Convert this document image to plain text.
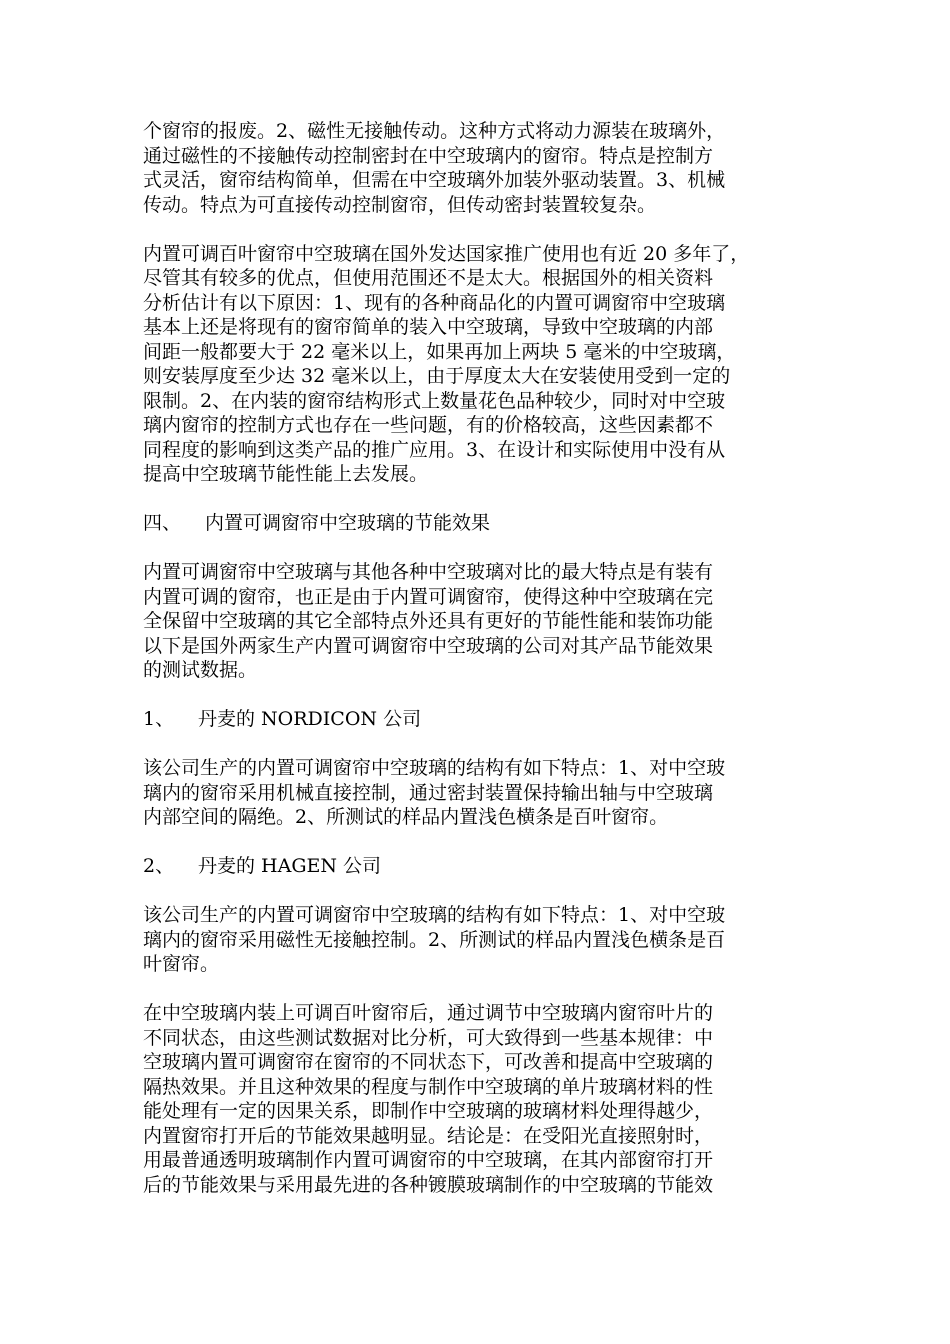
个窗帘的报废。2、磁性无接触传动。这种方式将动力源装在玻璃外，
通过磁性的不接触传动控制密封在中空玻璃内的窗帘。特点是控制方
式灵活，窗帘结构简单，但需在中空玻璃外加装外驱动装置。3、机械
传动。特点为可直接传动控制窗帘，但传动密封装置较复杂。
内置可调百叶窗帘中空玻璃在国外发达国家推广使用也有近 20 多年了，
尽管其有较多的优点，但使用范围还不是太大。根据国外的相关资料
分析估计有以下原因：1、现有的各种商品化的内置可调窗帘中空玻璃
基本上还是将现有的窗帘简单的装入中空玻璃，导致中空玻璃的内部
间距一般都要大于 22 毫米以上，如果再加上两块 5 毫米的中空玻璃，
则安装厚度至少达 32 毫米以上，由于厚度太大在安装使用受到一定的
限制。2、在内装的窗帘结构形式上数量花色品种较少，同时对中空玻
璃内窗帘的控制方式也存在一些问题，有的价格较高，这些因素都不
同程度的影响到这类产品的推广应用。3、在设计和实际使用中没有从
提高中空玻璃节能性能上去发展。
四、 内置可调窗帘中空玻璃的节能效果
内置可调窗帘中空玻璃与其他各种中空玻璃对比的最大特点是有装有
内置可调的窗帘，也正是由于内置可调窗帘，使得这种中空玻璃在完
全保留中空玻璃的其它全部特点外还具有更好的节能性能和装饰功能
以下是国外两家生产内置可调窗帘中空玻璃的公司对其产品节能效果
的测试数据。
1、 丹麦的 NORDICON 公司
该公司生产的内置可调窗帘中空玻璃的结构有如下特点：1、对中空玻
璃内的窗帘采用机械直接控制，通过密封装置保持输出轴与中空玻璃
内部空间的隔绝。2、所测试的样品内置浅色横条是百叶窗帘。
2、 丹麦的 HAGEN 公司
该公司生产的内置可调窗帘中空玻璃的结构有如下特点：1、对中空玻
璃内的窗帘采用磁性无接触控制。2、所测试的样品内置浅色横条是百
叶窗帘。
在中空玻璃内装上可调百叶窗帘后，通过调节中空玻璃内窗帘叶片的
不同状态，由这些测试数据对比分析，可大致得到一些基本规律：中
空玻璃内置可调窗帘在窗帘的不同状态下，可改善和提高中空玻璃的
隔热效果。并且这种效果的程度与制作中空玻璃的单片玻璃材料的性
能处理有一定的因果关系，即制作中空玻璃的玻璃材料处理得越少，
内置窗帘打开后的节能效果越明显。结论是：在受阳光直接照射时，
用最普通透明玻璃制作内置可调窗帘的中空玻璃，在其内部窗帘打开
后的节能效果与采用最先进的各种镀膜玻璃制作的中空玻璃的节能效
